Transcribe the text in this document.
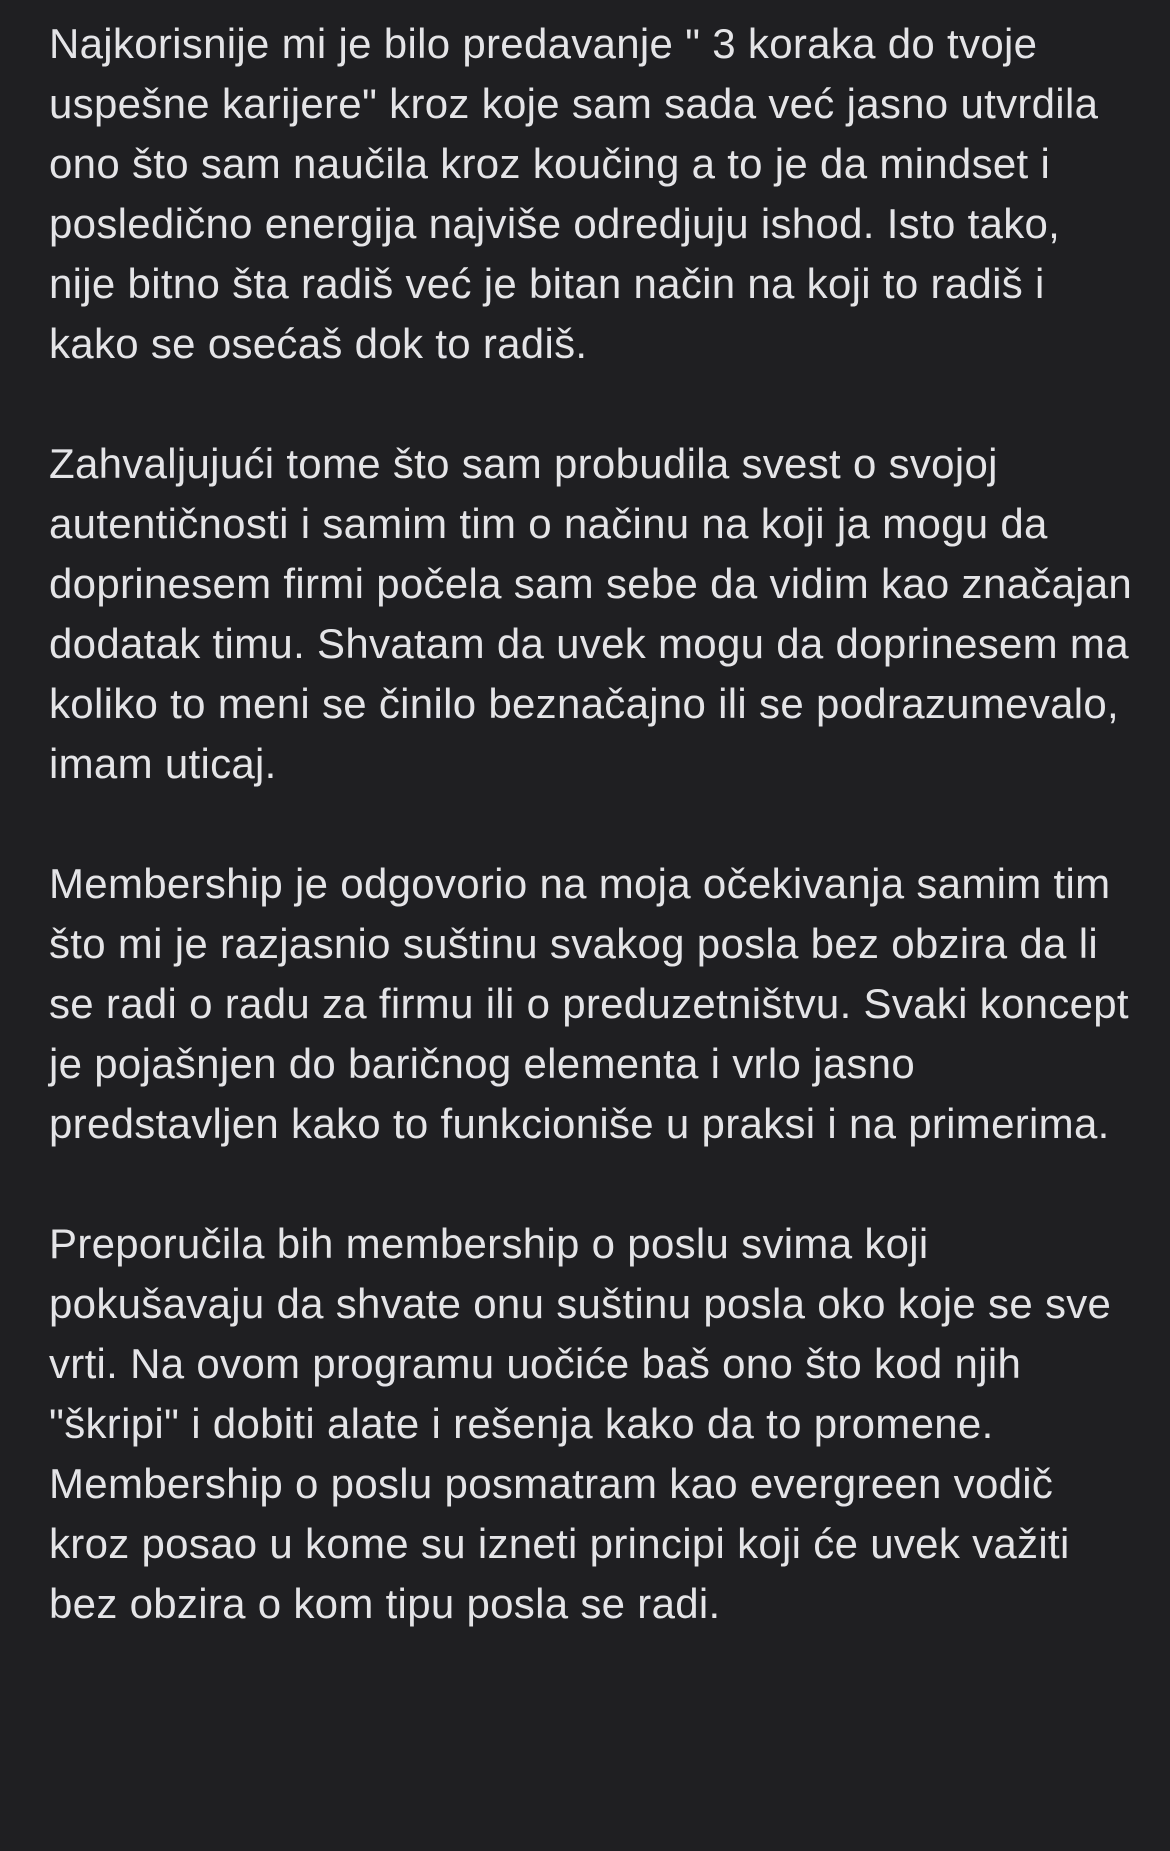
Najkorisnije mi je bilo predavanje " 3 koraka do tvoje uspešne karijere" kroz koje sam sada već jasno utvrdila ono što sam naučila kroz koučing a to je da mindset i posledično energija najviše odredjuju ishod. Isto tako, nije bitno šta radiš već je bitan način na koji to radiš i kako se osećaš dok to radiš.

Zahvaljujući tome što sam probudila svest o svojoj autentičnosti i samim tim o načinu na koji ja mogu da doprinesem firmi počela sam sebe da vidim kao značajan dodatak timu. Shvatam da uvek mogu da doprinesem ma koliko to meni se činilo beznačajno ili se podrazumevalo, imam uticaj.

Membership je odgovorio na moja očekivanja samim tim što mi je razjasnio suštinu svakog posla bez obzira da li se radi o radu za firmu ili o preduzetništvu. Svaki koncept je pojašnjen do baričnog elementa i vrlo jasno predstavljen kako to funkcioniše u praksi i na primerima.

Preporučila bih membership o poslu svima koji pokušavaju da shvate onu suštinu posla oko koje se sve vrti. Na ovom programu uočiće baš ono što kod njih "škripi" i dobiti alate i rešenja kako da to promene. Membership o poslu posmatram kao evergreen vodič kroz posao u kome su izneti principi koji će uvek važiti bez obzira o kom tipu posla se radi.
